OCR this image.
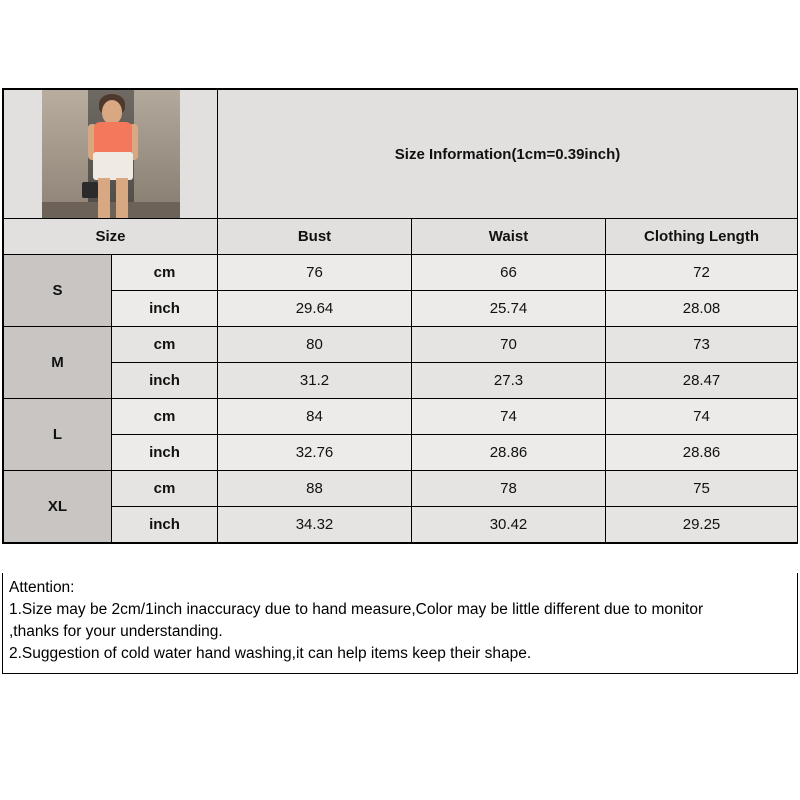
		Size Information(1cm=0.39inch)		
Size		Bust	Waist	Clothing Length
S	cm	76	66	72
	inch	29.64	25.74	28.08
M	cm	80	70	73
	inch	31.2	27.3	28.47
L	cm	84	74	74
	inch	32.76	28.86	28.86
XL	cm	88	78	75
	inch	34.32	30.42	29.25

Attention:

1.Size may be 2cm/1inch inaccuracy due to hand measure,Color may be little different due to monitor

,thanks for your understanding.

2.Suggestion of cold water hand washing,it can help items keep their shape.
